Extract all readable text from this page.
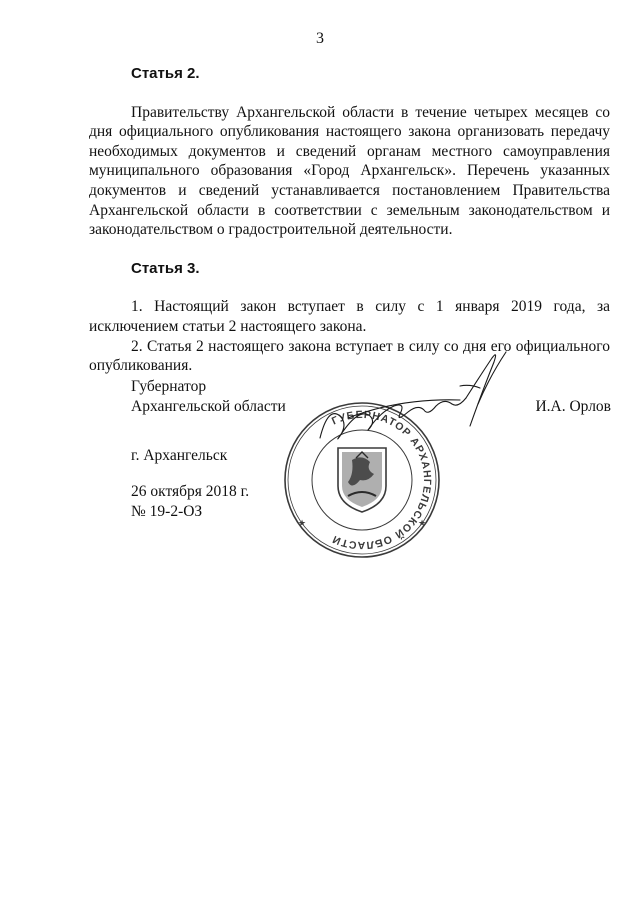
3

Статья 2.

Правительству Архангельской области в течение четырех месяцев со дня официального опубликования настоящего закона организовать передачу необходимых документов и сведений органам местного самоуправления муниципального образования «Город Архангельск». Перечень указанных документов и сведений устанавливается постановлением Правительства Архангельской области в соответствии с земельным законодательством и законодательством о градостроительной деятельности.

Статья 3.

1. Настоящий закон вступает в силу с 1 января 2019 года, за исключением статьи 2 настоящего закона.

2. Статья 2 настоящего закона вступает в силу со дня его официального опубликования.

Губернатор
Архангельской области	И.А. Орлов
г. Архангельск
26 октября 2018 г.
№ 19-2-ОЗ
ГУБЕРНАТОР АРХАНГЕЛЬСКОЙ ОБЛАСТИ
★	★
